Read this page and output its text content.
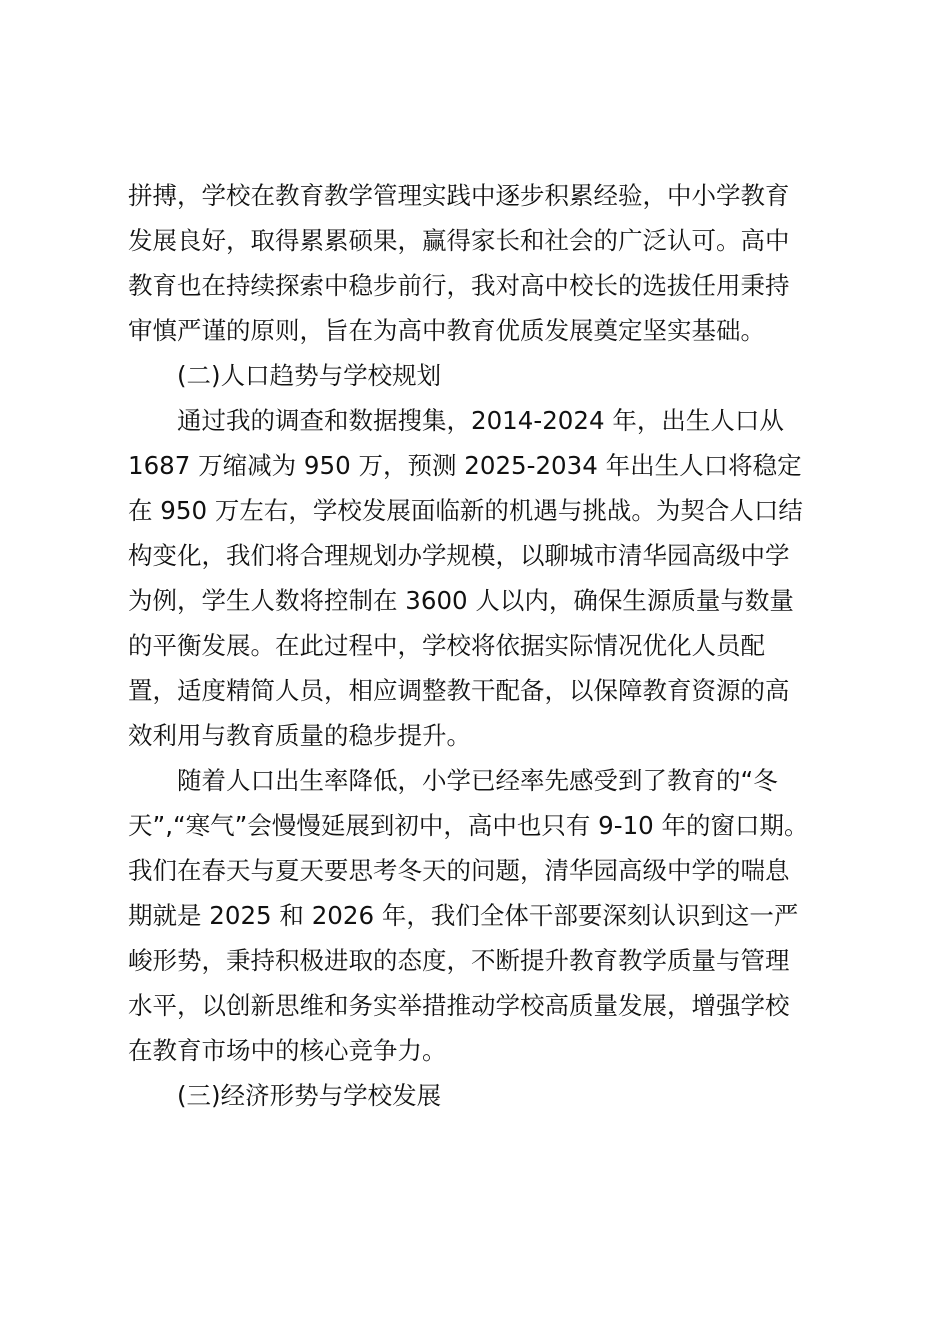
拼搏，学校在教育教学管理实践中逐步积累经验，中小学教育

发展良好，取得累累硕果，赢得家长和社会的广泛认可。高中

教育也在持续探索中稳步前行，我对高中校长的选拔任用秉持

审慎严谨的原则，旨在为高中教育优质发展奠定坚实基础。

(二)人口趋势与学校规划

通过我的调查和数据搜集，2014-2024 年，出生人口从

1687 万缩减为 950 万，预测 2025-2034 年出生人口将稳定

在 950 万左右，学校发展面临新的机遇与挑战。为契合人口结

构变化，我们将合理规划办学规模，以聊城市清华园高级中学

为例，学生人数将控制在 3600 人以内，确保生源质量与数量

的平衡发展。在此过程中，学校将依据实际情况优化人员配

置，适度精简人员，相应调整教干配备，以保障教育资源的高

效利用与教育质量的稳步提升。

随着人口出生率降低，小学已经率先感受到了教育的“冬

天”,“寒气”会慢慢延展到初中，高中也只有 9-10 年的窗口期。

我们在春天与夏天要思考冬天的问题，清华园高级中学的喘息

期就是 2025 和 2026 年，我们全体干部要深刻认识到这一严

峻形势，秉持积极进取的态度，不断提升教育教学质量与管理

水平，以创新思维和务实举措推动学校高质量发展，增强学校

在教育市场中的核心竞争力。

(三)经济形势与学校发展
